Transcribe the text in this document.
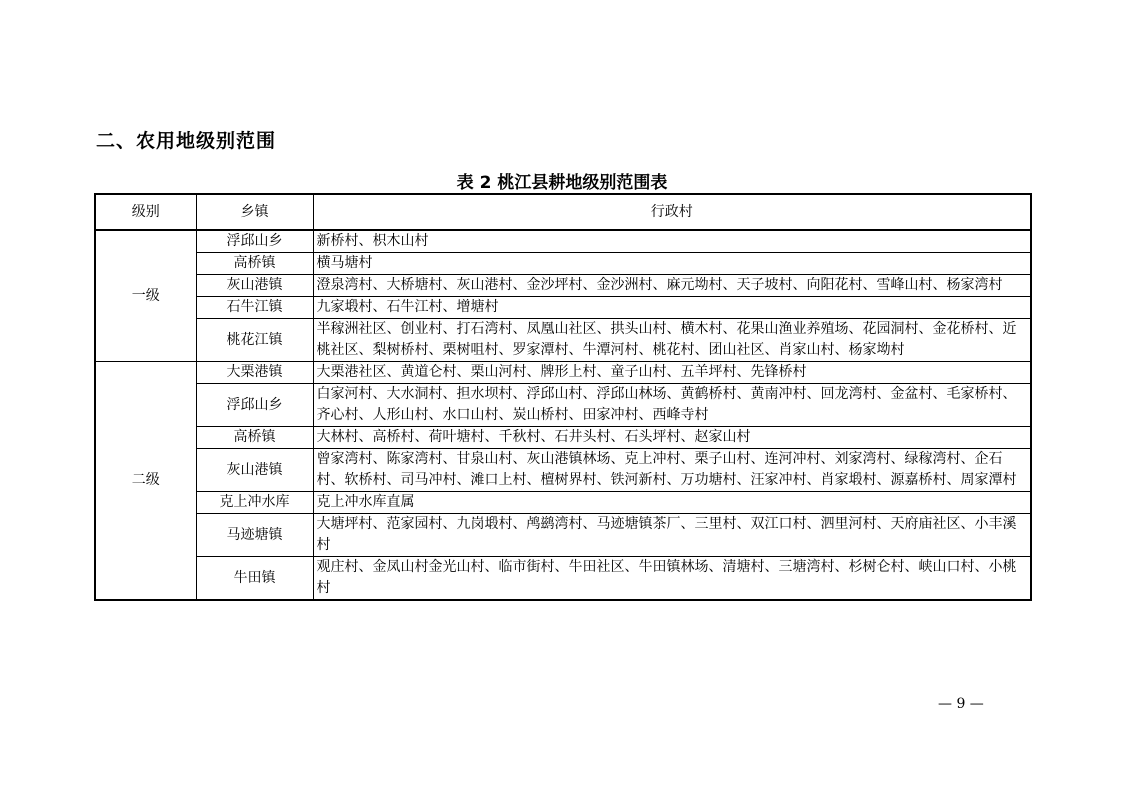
二、农用地级别范围
表 2 桃江县耕地级别范围表
级别	乡镇	行政村
一级	浮邱山乡	新桥村、枳木山村
	高桥镇	横马塘村
	灰山港镇	澄泉湾村、大桥塘村、灰山港村、金沙坪村、金沙洲村、麻元坳村、天子坡村、向阳花村、雪峰山村、杨家湾村
	石牛江镇	九家塅村、石牛江村、增塘村
	桃花江镇	半稼洲社区、创业村、打石湾村、凤凰山社区、拱头山村、横木村、花果山渔业养殖场、花园洞村、金花桥村、近桃社区、梨树桥村、栗树咀村、罗家潭村、牛潭河村、桃花村、团山社区、肖家山村、杨家坳村
二级	大栗港镇	大栗港社区、黄道仑村、栗山河村、牌形上村、童子山村、五羊坪村、先锋桥村
	浮邱山乡	白家河村、大水洞村、担水坝村、浮邱山村、浮邱山林场、黄鹤桥村、黄南冲村、回龙湾村、金盆村、毛家桥村、齐心村、人形山村、水口山村、炭山桥村、田家冲村、西峰寺村
	高桥镇	大林村、高桥村、荷叶塘村、千秋村、石井头村、石头坪村、赵家山村
	灰山港镇	曾家湾村、陈家湾村、甘泉山村、灰山港镇林场、克上冲村、栗子山村、连河冲村、刘家湾村、绿稼湾村、企石村、软桥村、司马冲村、滩口上村、檀树界村、铁河新村、万功塘村、汪家冲村、肖家塅村、源嘉桥村、周家潭村
	克上冲水库	克上冲水库直属
	马迹塘镇	大塘坪村、范家园村、九岗塅村、鸬鹚湾村、马迹塘镇茶厂、三里村、双江口村、泗里河村、天府庙社区、小丰溪村
	牛田镇	观庄村、金凤山村金光山村、临市街村、牛田社区、牛田镇林场、清塘村、三塘湾村、杉树仑村、峡山口村、小桃村
— 9 —
